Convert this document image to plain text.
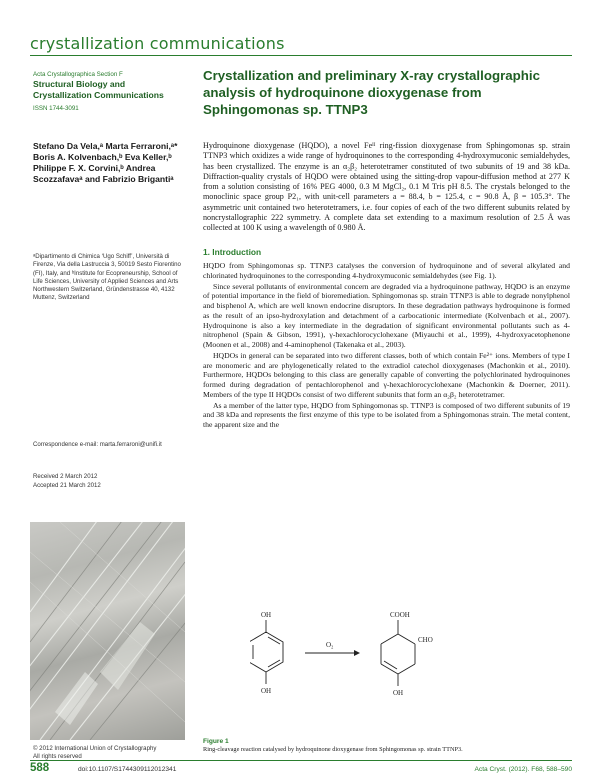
crystallization communications
Acta Crystallographica Section F
Structural Biology and Crystallization Communications
ISSN 1744-3091
Stefano Da Vela,ᵃ Marta Ferraroni,ᵃ* Boris A. Kolvenbach,ᵇ Eva Keller,ᵇ Philippe F. X. Corvini,ᵇ Andrea Scozzafavaᵃ and Fabrizio Brigantiᵃ
ᵃDipartimento di Chimica ‘Ugo Schiff’, Università di Firenze, Via della Lastruccia 3, 50019 Sesto Fiorentino (FI), Italy, and ᵇInstitute for Ecopreneurship, School of Life Sciences, University of Applied Sciences and Arts Northwestern Switzerland, Gründenstrasse 40, 4132 Muttenz, Switzerland
Correspondence e-mail: marta.ferraroni@unifi.it
Received 2 March 2012
Accepted 21 March 2012
© 2012 International Union of Crystallography
All rights reserved
Crystallization and preliminary X-ray crystallographic analysis of hydroquinone dioxygenase from Sphingomonas sp. TTNP3
Hydroquinone dioxygenase (HQDO), a novel Feᴵᴵ ring-fission dioxygenase from Sphingomonas sp. strain TTNP3 which oxidizes a wide range of hydroquinones to the corresponding 4-hydroxymuconic semialdehydes, has been crystallized. The enzyme is an α₂β₂ heterotetramer constituted of two subunits of 19 and 38 kDa. Diffraction-quality crystals of HQDO were obtained using the sitting-drop vapour-diffusion method at 277 K from a solution consisting of 16% PEG 4000, 0.3 M MgCl₂, 0.1 M Tris pH 8.5. The crystals belonged to the monoclinic space group P2₁, with unit-cell parameters a = 88.4, b = 125.4, c = 90.8 Å, β = 105.3°. The asymmetric unit contained two heterotetramers, i.e. four copies of each of the two different subunits related by noncrystallographic 222 symmetry. A complete data set extending to a maximum resolution of 2.5 Å was collected at 100 K using a wavelength of 0.980 Å.
1. Introduction

HQDO from Sphingomonas sp. TTNP3 catalyses the conversion of hydroquinone and of several alkylated and chlorinated hydroquinones to the corresponding 4-hydroxymuconic semialdehydes (see Fig. 1).

Since several pollutants of environmental concern are degraded via a hydroquinone pathway, HQDO is an enzyme of potential importance in the field of bioremediation. Sphingomonas sp. strain TTNP3 is able to degrade nonylphenol and bisphenol A, which are well known endocrine disruptors. In these degradation pathways hydroquinone is formed as the result of an ipso-hydroxylation and detachment of a carbocationic intermediate (Kolvenbach et al., 2007). Hydroquinone is also a key intermediate in the degradation of significant environmental pollutants such as 4-nitrophenol (Spain & Gibson, 1991), γ-hexachlorocyclohexane (Miyauchi et al., 1999), 4-hydroxyacetophenone (Moonen et al., 2008) and 4-aminophenol (Takenaka et al., 2003).

HQDOs in general can be separated into two different classes, both of which contain Fe²⁺ ions. Members of type I are monomeric and are phylogenetically related to the extradiol catechol dioxygenases (Machonkin et al., 2010). Furthermore, HQDOs belonging to this class are generally capable of converting the polychlorinated hydroquinones formed during degradation of pentachlorophenol and γ-hexachlorocyclohexane (Machonkin & Doerner, 2011). Members of the type II HQDOs consist of two different subunits that form an α₂β₂ heterotetramer.

As a member of the latter type, HQDO from Sphingomonas sp. TTNP3 is composed of two different subunits of 19 and 38 kDa and represents the first enzyme of this type to be isolated from a Sphingomonas strain. The metal content, the apparent size and the

OH
OH
O₂
COOH
CHO
OH
Figure 1
Ring-cleavage reaction catalysed by hydroquinone dioxygenase from Sphingomonas sp. strain TTNP3.
588	doi:10.1107/S1744309112012341	Acta Cryst. (2012). F68, 588–590
